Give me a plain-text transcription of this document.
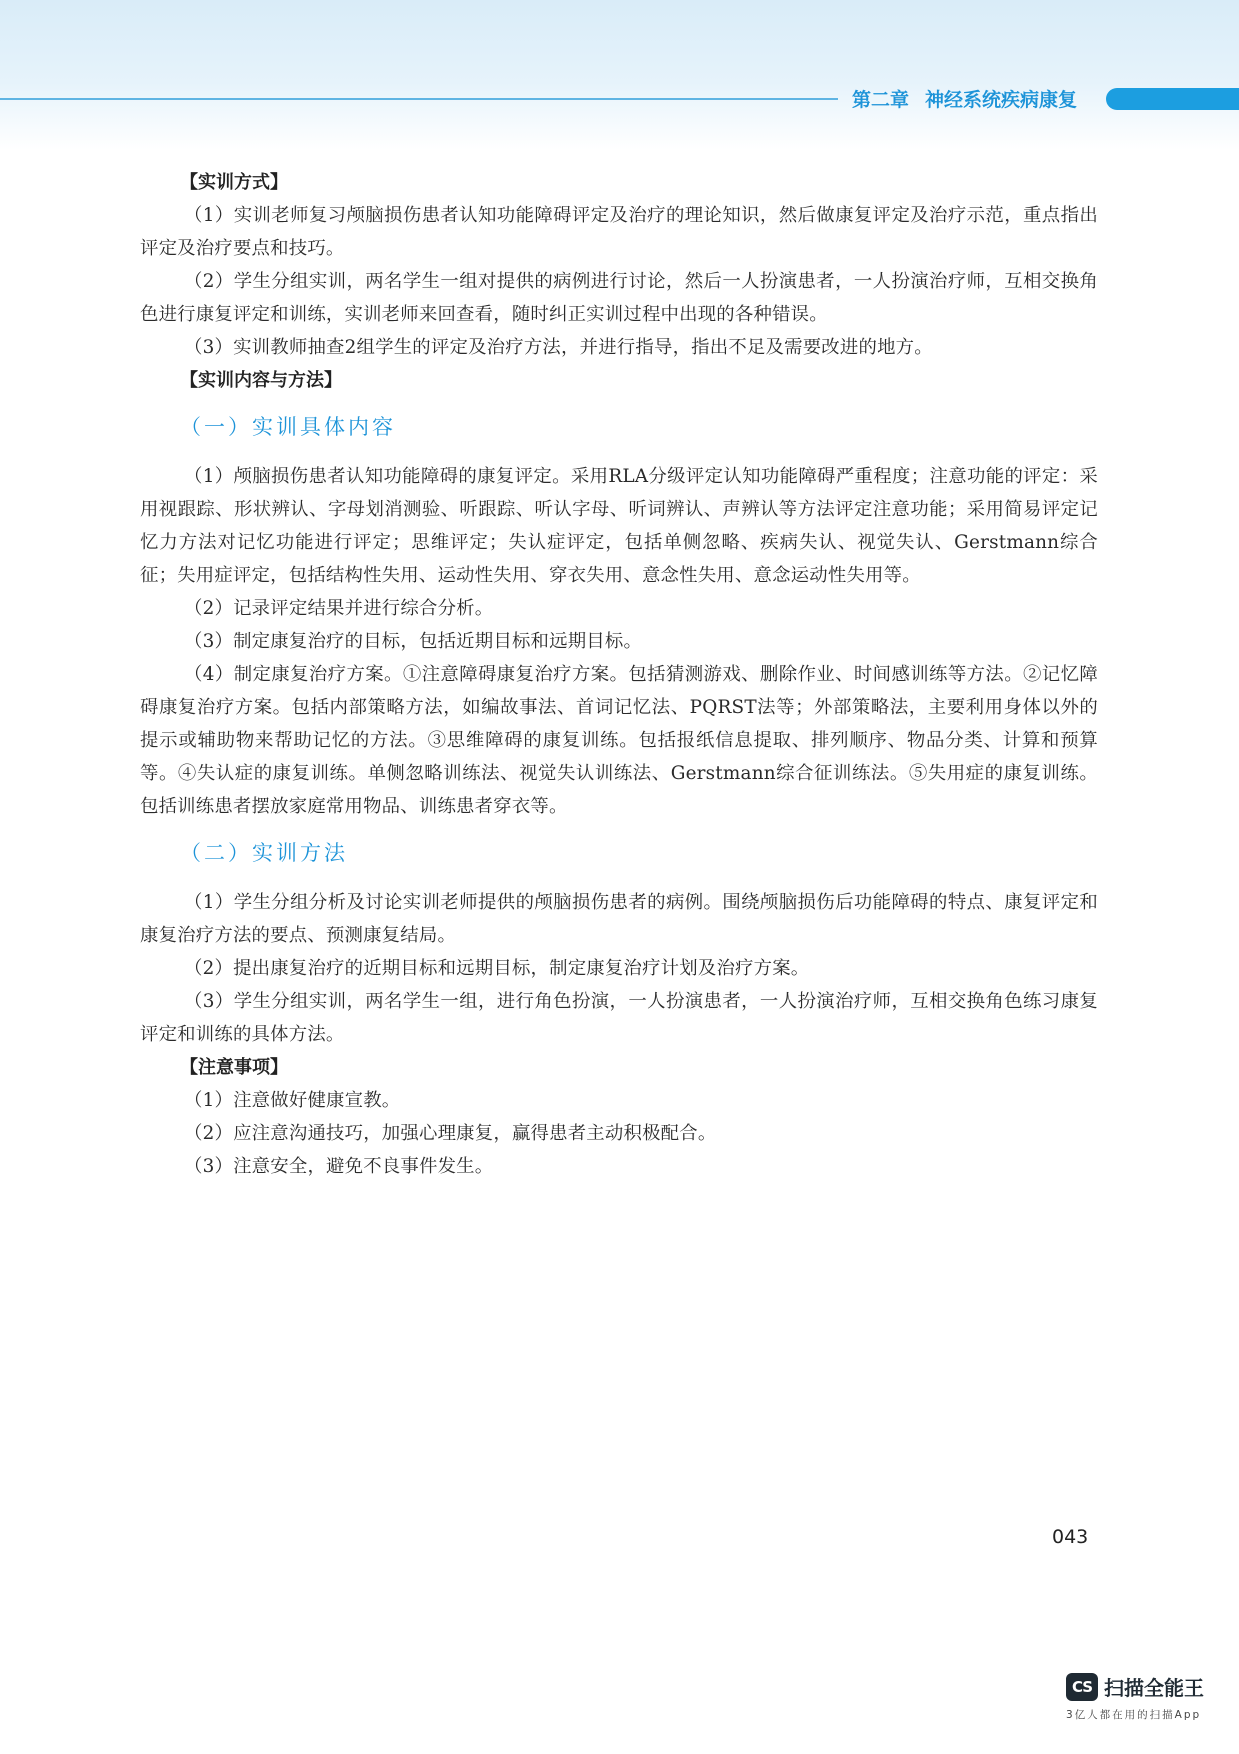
第二章 神经系统疾病康复
【实训方式】

（1）实训老师复习颅脑损伤患者认知功能障碍评定及治疗的理论知识，然后做康复评定及治疗示范，重点指出评定及治疗要点和技巧。

（2）学生分组实训，两名学生一组对提供的病例进行讨论，然后一人扮演患者，一人扮演治疗师，互相交换角色进行康复评定和训练，实训老师来回查看，随时纠正实训过程中出现的各种错误。

（3）实训教师抽查2组学生的评定及治疗方法，并进行指导，指出不足及需要改进的地方。

【实训内容与方法】
（一）实训具体内容

（1）颅脑损伤患者认知功能障碍的康复评定。采用RLA分级评定认知功能障碍严重程度；注意功能的评定：采用视跟踪、形状辨认、字母划消测验、听跟踪、听认字母、听词辨认、声辨认等方法评定注意功能；采用简易评定记忆力方法对记忆功能进行评定；思维评定；失认症评定，包括单侧忽略、疾病失认、视觉失认、Gerstmann综合征；失用症评定，包括结构性失用、运动性失用、穿衣失用、意念性失用、意念运动性失用等。

（2）记录评定结果并进行综合分析。

（3）制定康复治疗的目标，包括近期目标和远期目标。

（4）制定康复治疗方案。①注意障碍康复治疗方案。包括猜测游戏、删除作业、时间感训练等方法。②记忆障碍康复治疗方案。包括内部策略方法，如编故事法、首词记忆法、PQRST法等；外部策略法，主要利用身体以外的提示或辅助物来帮助记忆的方法。③思维障碍的康复训练。包括报纸信息提取、排列顺序、物品分类、计算和预算等。④失认症的康复训练。单侧忽略训练法、视觉失认训练法、Gerstmann综合征训练法。⑤失用症的康复训练。包括训练患者摆放家庭常用物品、训练患者穿衣等。

（二）实训方法

（1）学生分组分析及讨论实训老师提供的颅脑损伤患者的病例。围绕颅脑损伤后功能障碍的特点、康复评定和康复治疗方法的要点、预测康复结局。

（2）提出康复治疗的近期目标和远期目标，制定康复治疗计划及治疗方案。

（3）学生分组实训，两名学生一组，进行角色扮演，一人扮演患者，一人扮演治疗师，互相交换角色练习康复评定和训练的具体方法。

【注意事项】

（1）注意做好健康宣教。

（2）应注意沟通技巧，加强心理康复，赢得患者主动积极配合。

（3）注意安全，避免不良事件发生。

043
CS 扫描全能王
3亿人都在用的扫描App
